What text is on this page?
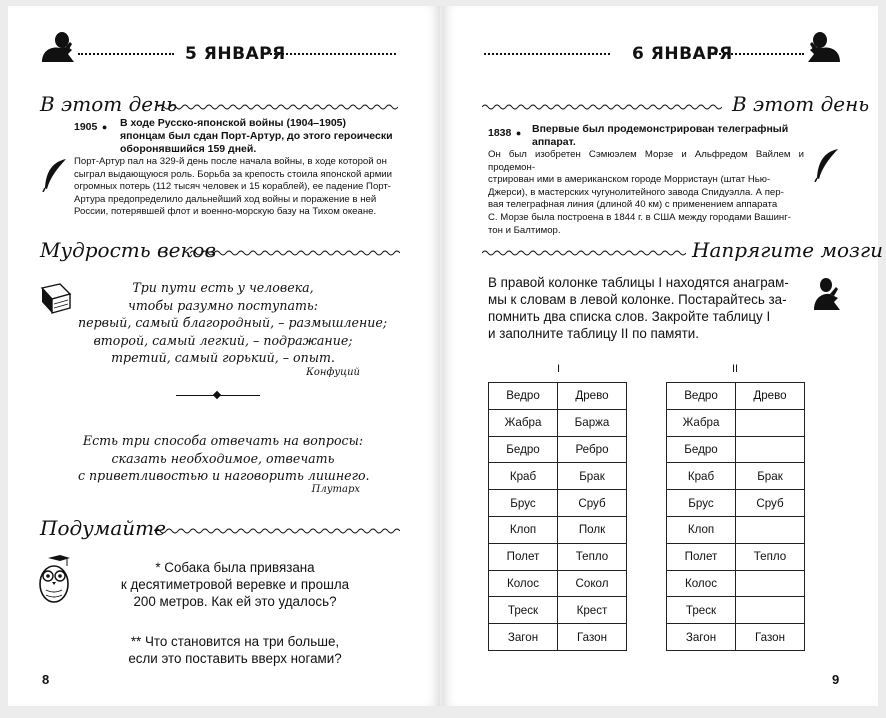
5 ЯНВАРЯ
В этот день
1905 ● В ходе Русско-японской войны (1904–1905)
японцам был сдан Порт-Артур, до этого героически
оборонявшийся 159 дней.
Порт-Артур пал на 329-й день после начала войны, в ходе которой он
сыграл выдающуюся роль. Борьба за крепость стоила японской армии
огромных потерь (112 тысяч человек и 15 кораблей), ее падение Порт-
Артура предопределило дальнейший ход войны и поражение в ней
России, потерявшей флот и военно-морскую базу на Тихом океане.
Мудрость веков
Три пути есть у человека,
чтобы разумно поступать:
первый, самый благородный, – размышление;
второй, самый легкий, – подражание;
третий, самый горький, – опыт.
Конфуций
Есть три способа отвечать на вопросы:
сказать необходимое, отвечать
с приветливостью и наговорить лишнего.
Плутарх
Подумайте
* Собака была привязана
к десятиметровой веревке и прошла
200 метров. Как ей это удалось?
** Что становится на три больше,
если это поставить вверх ногами?
8
6 ЯНВАРЯ
В этот день
1838 ● Впервые был продемонстрирован телеграфный
аппарат.
Он был изобретен Сэмюэлем Морзе и Альфредом Вайлем и продемон-
стрирован ими в американском городе Морристаун (штат Нью-
Джерси), в мастерских чугунолитейного завода Спидуэлла. А пер-
вая телеграфная линия (длиной 40 км) с применением аппарата
С. Морзе была построена в 1844 г. в США между городами Вашинг-
тон и Балтимор.
Напрягите мозги
В правой колонке таблицы I находятся анаграм-
мы к словам в левой колонке. Постарайтесь за-
помнить два списка слов. Закройте таблицу I
и заполните таблицу II по памяти.
I	II
Ведро	Древо
Жабра	Баржа
Бедро	Ребро
Краб	Брак
Брус	Сруб
Клоп	Полк
Полет	Тепло
Колос	Сокол
Треск	Крест
Загон	Газон
Ведро	Древо
Жабра	
Бедро	
Краб	Брак
Брус	Сруб
Клоп	
Полет	Тепло
Колос	
Треск	
Загон	Газон
9
